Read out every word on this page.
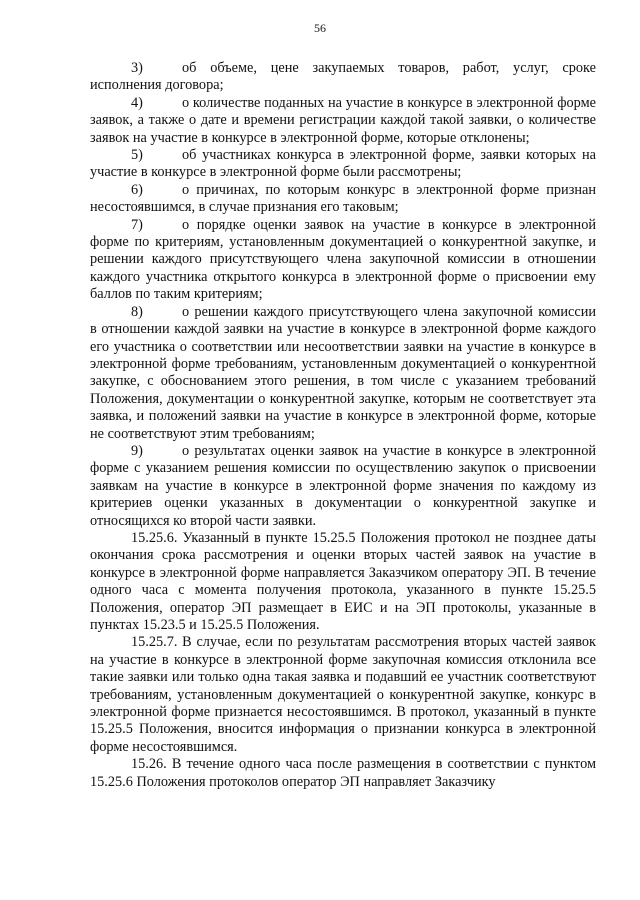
56

3)	об объеме, цене закупаемых товаров, работ, услуг, сроке исполнения договора;

4)	о количестве поданных на участие в конкурсе в электронной форме заявок, а также о дате и времени регистрации каждой такой заявки, о количестве заявок на участие в конкурсе в электронной форме, которые отклонены;

5)	об участниках конкурса в электронной форме, заявки которых на участие в конкурсе в электронной форме были рассмотрены;

6)	о причинах, по которым конкурс в электронной форме признан несостоявшимся, в случае признания его таковым;

7)	о порядке оценки заявок на участие в конкурсе в электронной форме по критериям, установленным документацией о конкурентной закупке, и решении каждого присутствующего члена закупочной комиссии в отношении каждого участника открытого конкурса в электронной форме о присвоении ему баллов по таким критериям;

8)	о решении каждого присутствующего члена закупочной комиссии в отношении каждой заявки на участие в конкурсе в электронной форме каждого его участника о соответствии или несоответствии заявки на участие в конкурсе в электронной форме требованиям, установленным документацией о конкурентной закупке, с обоснованием этого решения, в том числе с указанием требований Положения, документации о конкурентной закупке, которым не соответствует эта заявка, и положений заявки на участие в конкурсе в электронной форме, которые не соответствуют этим требованиям;

9)	о результатах оценки заявок на участие в конкурсе в электронной форме с указанием решения комиссии по осуществлению закупок о присвоении заявкам на участие в конкурсе в электронной форме значения по каждому из критериев оценки указанных в документации о конкурентной закупке и относящихся ко второй части заявки.

15.25.6. Указанный в пункте 15.25.5 Положения протокол не позднее даты окончания срока рассмотрения и оценки вторых частей заявок на участие в конкурсе в электронной форме направляется Заказчиком оператору ЭП. В течение одного часа с момента получения протокола, указанного в пункте 15.25.5 Положения, оператор ЭП размещает в ЕИС и на ЭП протоколы, указанные в пунктах 15.23.5 и 15.25.5 Положения.

15.25.7. В случае, если по результатам рассмотрения вторых частей заявок на участие в конкурсе в электронной форме закупочная комиссия отклонила все такие заявки или только одна такая заявка и подавший ее участник соответствуют требованиям, установленным документацией о конкурентной закупке, конкурс в электронной форме признается несостоявшимся. В протокол, указанный в пункте 15.25.5 Положения, вносится информация о признании конкурса в электронной форме несостоявшимся.

15.26. В течение одного часа после размещения в соответствии с пунктом 15.25.6 Положения протоколов оператор ЭП направляет Заказчику
